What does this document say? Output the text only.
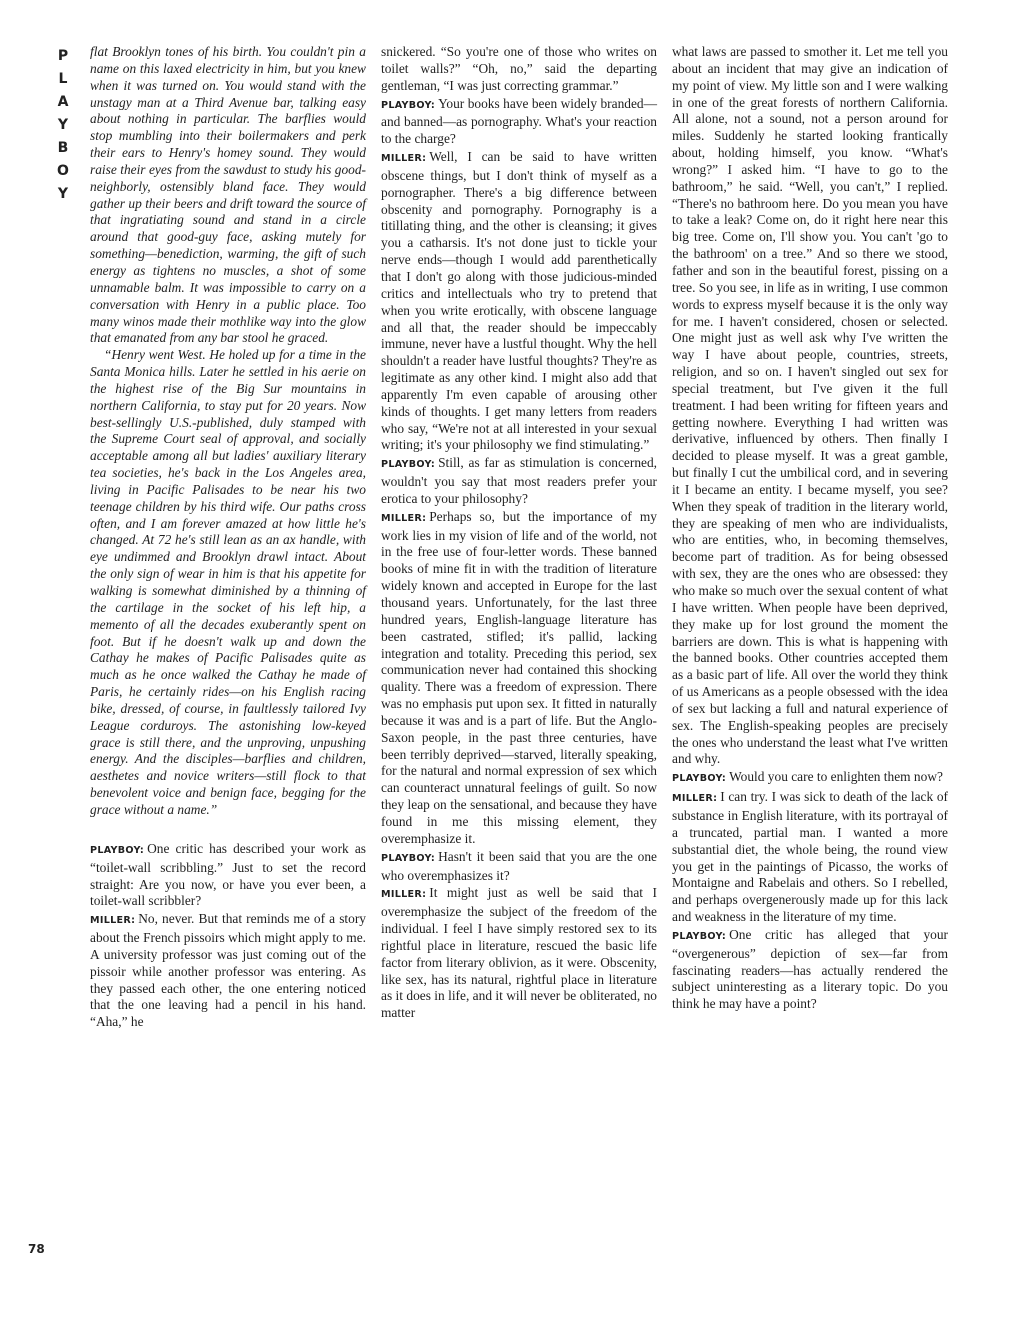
P
L
A
Y
B
O
Y
78

flat Brooklyn tones of his birth. You couldn't pin a name on this laxed electricity in him, but you knew when it was turned on. You would stand with the unstagy man at a Third Avenue bar, talking easy about nothing in particular. The barflies would stop mumbling into their boilermakers and perk their ears to Henry's homey sound. They would raise their eyes from the sawdust to study his good-neighborly, ostensibly bland face. They would gather up their beers and drift toward the source of that ingratiating sound and stand in a circle around that good-guy face, asking mutely for something—benediction, warming, the gift of such energy as tightens no muscles, a shot of some unnamable balm. It was impossible to carry on a conversation with Henry in a public place. Too many winos made their mothlike way into the glow that emanated from any bar stool he graced.

“Henry went West. He holed up for a time in the Santa Monica hills. Later he settled in his aerie on the highest rise of the Big Sur mountains in northern California, to stay put for 20 years. Now best-sellingly U.S.-published, duly stamped with the Supreme Court seal of approval, and socially acceptable among all but ladies' auxiliary literary tea societies, he's back in the Los Angeles area, living in Pacific Palisades to be near his two teenage children by his third wife. Our paths cross often, and I am forever amazed at how little he's changed. At 72 he's still lean as an ax handle, with eye undimmed and Brooklyn drawl intact. About the only sign of wear in him is that his appetite for walking is somewhat diminished by a thinning of the cartilage in the socket of his left hip, a memento of all the decades exuberantly spent on foot. But if he doesn't walk up and down the Cathay he makes of Pacific Palisades quite as much as he once walked the Cathay he made of Paris, he certainly rides—on his English racing bike, dressed, of course, in faultlessly tailored Ivy League corduroys. The astonishing low-keyed grace is still there, and the unproving, unpushing energy. And the disciples—barflies and children, aesthetes and novice writers—still flock to that benevolent voice and benign face, begging for the grace without a name.”

PLAYBOY: One critic has described your work as “toilet-wall scribbling.” Just to set the record straight: Are you now, or have you ever been, a toilet-wall scribbler?

MILLER: No, never. But that reminds me of a story about the French pissoirs which might apply to me. A university professor was just coming out of the pissoir while another professor was entering. As they passed each other, the one entering noticed that the one leaving had a pencil in his hand. “Aha,” he

snickered. “So you're one of those who writes on toilet walls?” “Oh, no,” said the departing gentleman, “I was just correcting grammar.”

PLAYBOY: Your books have been widely branded—and banned—as pornography. What's your reaction to the charge?

MILLER: Well, I can be said to have written obscene things, but I don't think of myself as a pornographer. There's a big difference between obscenity and pornography. Pornography is a titillating thing, and the other is cleansing; it gives you a catharsis. It's not done just to tickle your nerve ends—though I would add parenthetically that I don't go along with those judicious-minded critics and intellectuals who try to pretend that when you write erotically, with obscene language and all that, the reader should be impeccably immune, never have a lustful thought. Why the hell shouldn't a reader have lustful thoughts? They're as legitimate as any other kind. I might also add that apparently I'm even capable of arousing other kinds of thoughts. I get many letters from readers who say, “We're not at all interested in your sexual writing; it's your philosophy we find stimulating.”

PLAYBOY: Still, as far as stimulation is concerned, wouldn't you say that most readers prefer your erotica to your philosophy?

MILLER: Perhaps so, but the importance of my work lies in my vision of life and of the world, not in the free use of four-letter words. These banned books of mine fit in with the tradition of literature widely known and accepted in Europe for the last thousand years. Unfortunately, for the last three hundred years, English-language literature has been castrated, stifled; it's pallid, lacking integration and totality. Preceding this period, sex communication never had contained this shocking quality. There was a freedom of expression. There was no emphasis put upon sex. It fitted in naturally because it was and is a part of life. But the Anglo-Saxon people, in the past three centuries, have been terribly deprived—starved, literally speaking, for the natural and normal expression of sex which can counteract unnatural feelings of guilt. So now they leap on the sensational, and because they have found in me this missing element, they overemphasize it.

PLAYBOY: Hasn't it been said that you are the one who overemphasizes it?

MILLER: It might just as well be said that I overemphasize the subject of the freedom of the individual. I feel I have simply restored sex to its rightful place in literature, rescued the basic life factor from literary oblivion, as it were. Obscenity, like sex, has its natural, rightful place in literature as it does in life, and it will never be obliterated, no matter

what laws are passed to smother it. Let me tell you about an incident that may give an indication of my point of view. My little son and I were walking in one of the great forests of northern California. All alone, not a sound, not a person around for miles. Suddenly he started looking frantically about, holding himself, you know. “What's wrong?” I asked him. “I have to go to the bathroom,” he said. “Well, you can't,” I replied. “There's no bathroom here. Do you mean you have to take a leak? Come on, do it right here near this big tree. Come on, I'll show you. You can't 'go to the bathroom' on a tree.” And so there we stood, father and son in the beautiful forest, pissing on a tree. So you see, in life as in writing, I use common words to express myself because it is the only way for me. I haven't considered, chosen or selected. One might just as well ask why I've written the way I have about people, countries, streets, religion, and so on. I haven't singled out sex for special treatment, but I've given it the full treatment. I had been writing for fifteen years and getting nowhere. Everything I had written was derivative, influenced by others. Then finally I decided to please myself. It was a great gamble, but finally I cut the umbilical cord, and in severing it I became an entity. I became myself, you see? When they speak of tradition in the literary world, they are speaking of men who are individualists, who are entities, who, in becoming themselves, become part of tradition. As for being obsessed with sex, they are the ones who are obsessed: they who make so much over the sexual content of what I have written. When people have been deprived, they make up for lost ground the moment the barriers are down. This is what is happening with the banned books. Other countries accepted them as a basic part of life. All over the world they think of us Americans as a people obsessed with the idea of sex but lacking a full and natural experience of sex. The English-speaking peoples are precisely the ones who understand the least what I've written and why.

PLAYBOY: Would you care to enlighten them now?

MILLER: I can try. I was sick to death of the lack of substance in English literature, with its portrayal of a truncated, partial man. I wanted a more substantial diet, the whole being, the round view you get in the paintings of Picasso, the works of Montaigne and Rabelais and others. So I rebelled, and perhaps overgenerously made up for this lack and weakness in the literature of my time.

PLAYBOY: One critic has alleged that your “overgenerous” depiction of sex—far from fascinating readers—has actually rendered the subject uninteresting as a literary topic. Do you think he may have a point?
